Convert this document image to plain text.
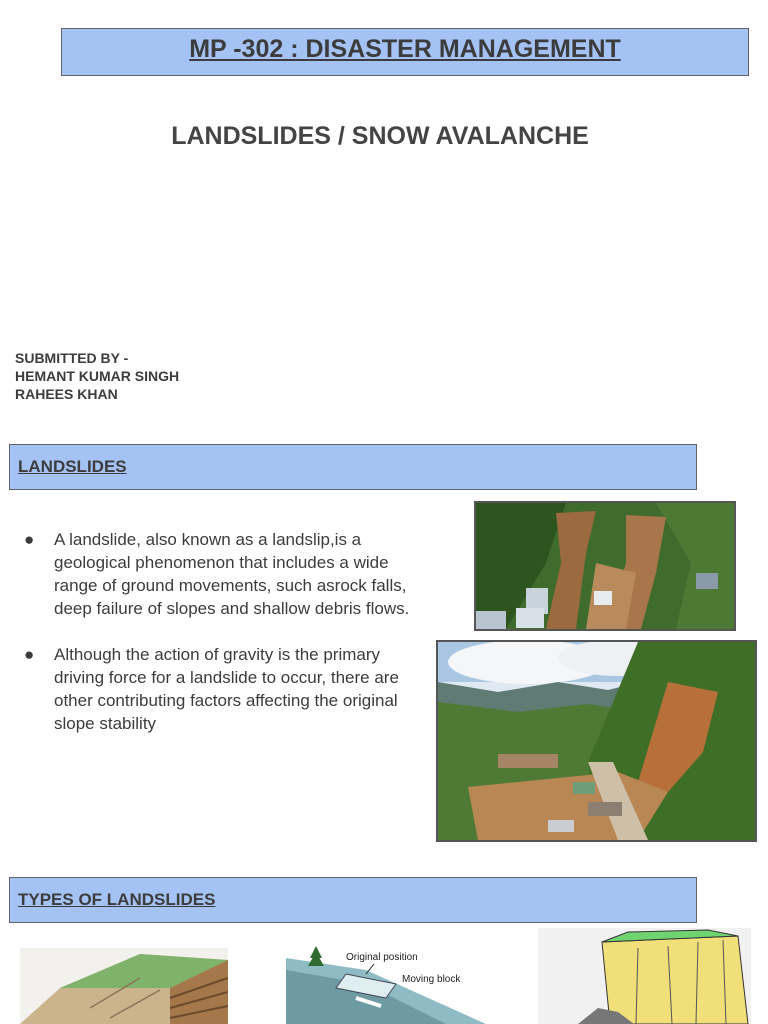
MP -302 : DISASTER MANAGEMENT
LANDSLIDES / SNOW AVALANCHE
SUBMITTED BY -
HEMANT KUMAR SINGH
RAHEES KHAN
LANDSLIDES
● A landslide, also known as a landslip,is a geological phenomenon that includes a wide range of ground movements, such asrock falls, deep failure of slopes and shallow debris flows.
● Although the action of gravity is the primary driving force for a landslide to occur, there are other contributing factors affecting the original slope stability
TYPES OF LANDSLIDES
Original position
Moving block
